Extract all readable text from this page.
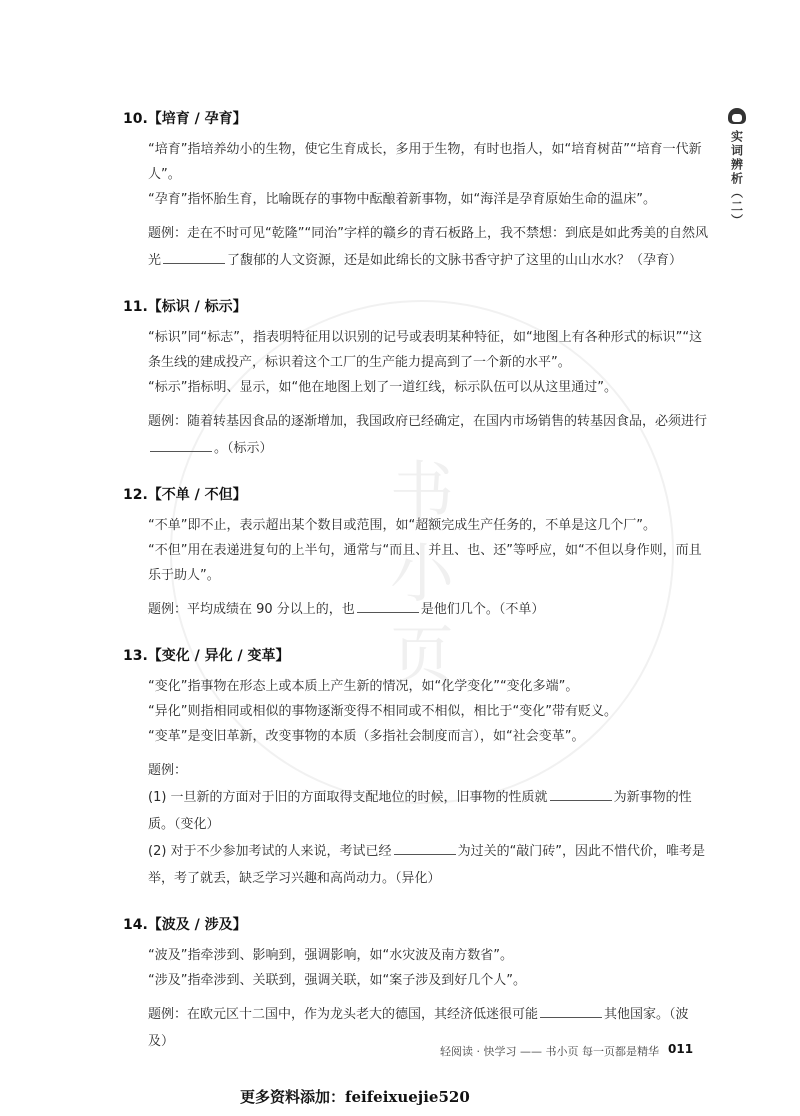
书小页
实词辨析（二）
10.【培育 / 孕育】

“培育”指培养幼小的生物，使它生育成长，多用于生物，有时也指人，如“培育树苗”“培育一代新人”。

“孕育”指怀胎生育，比喻既存的事物中酝酿着新事物，如“海洋是孕育原始生命的温床”。

题例：走在不时可见“乾隆”“同治”字样的赣乡的青石板路上，我不禁想：到底是如此秀美的自然风光	了馥郁的人文资源，还是如此绵长的文脉书香守护了这里的山山水水？（孕育）

11.【标识 / 标示】

“标识”同“标志”，指表明特征用以识别的记号或表明某种特征，如“地图上有各种形式的标识”“这条生线的建成投产，标识着这个工厂的生产能力提高到了一个新的水平”。

“标示”指标明、显示，如“他在地图上划了一道红线，标示队伍可以从这里通过”。

题例：随着转基因食品的逐渐增加，我国政府已经确定，在国内市场销售的转基因食品，必须进行。（标示）

12.【不单 / 不但】

“不单”即不止，表示超出某个数目或范围，如“超额完成生产任务的，不单是这几个厂”。

“不但”用在表递进复句的上半句，通常与“而且、并且、也、还”等呼应，如“不但以身作则，而且乐于助人”。

题例：平均成绩在 90 分以上的，也	是他们几个。（不单）

13.【变化 / 异化 / 变革】

“变化”指事物在形态上或本质上产生新的情况，如“化学变化”“变化多端”。

“异化”则指相同或相似的事物逐渐变得不相同或不相似，相比于“变化”带有贬义。

“变革”是变旧革新，改变事物的本质（多指社会制度而言），如“社会变革”。

题例：

(1) 一旦新的方面对于旧的方面取得支配地位的时候，旧事物的性质就	为新事物的性质。（变化）

(2) 对于不少参加考试的人来说，考试已经	为过关的“敲门砖”，因此不惜代价，唯考是举，考了就丢，缺乏学习兴趣和高尚动力。（异化）

14.【波及 / 涉及】

“波及”指牵涉到、影响到，强调影响，如“水灾波及南方数省”。

“涉及”指牵涉到、关联到，强调关联，如“案子涉及到好几个人”。

题例：在欧元区十二国中，作为龙头老大的德国，其经济低迷很可能	其他国家。（波及）

轻阅读 · 快学习 —— 书小页 每一页都是精华 011
更多资料添加：feifeixuejie520
